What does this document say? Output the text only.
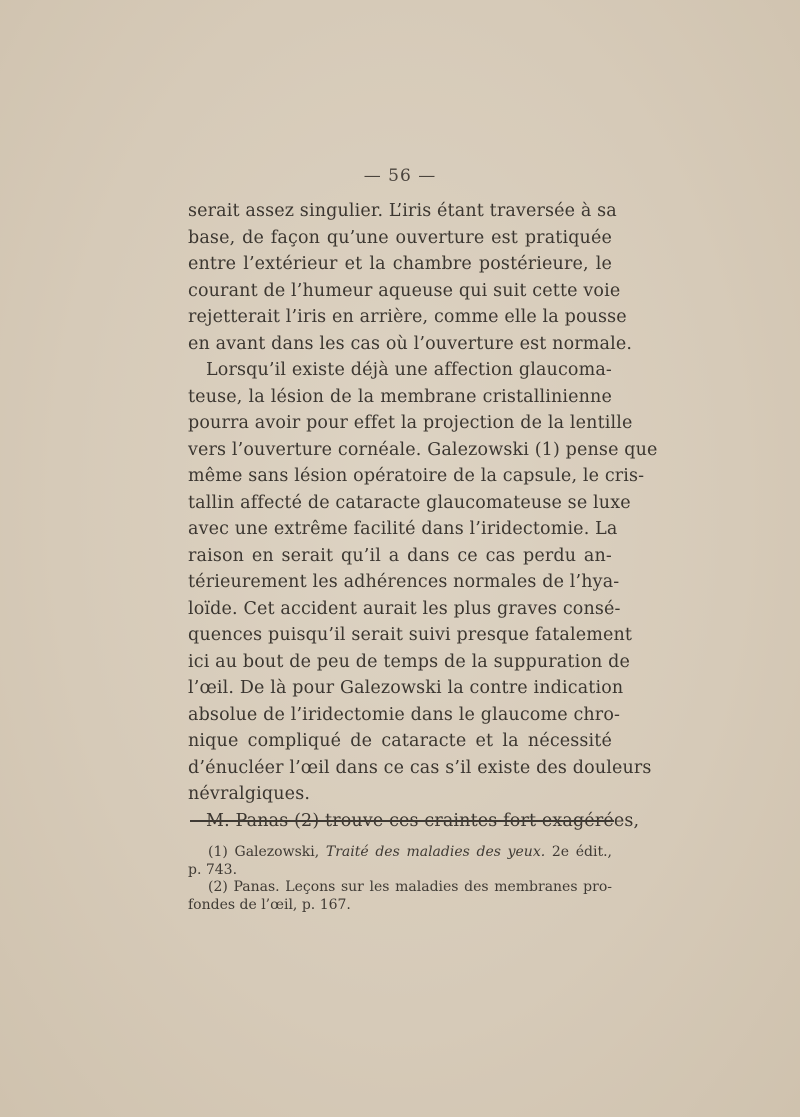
— 56 —
serait assez singulier. L’iris étant traversée à sa
base, de façon qu’une ouverture est pratiquée
entre l’extérieur et la chambre postérieure, le
courant de l’humeur aqueuse qui suit cette voie
rejetterait l’iris en arrière, comme elle la pousse
en avant dans les cas où l’ouverture est normale.
Lorsqu’il existe déjà une affection glaucoma-
teuse, la lésion de la membrane cristallinienne
pourra avoir pour effet la projection de la lentille
vers l’ouverture cornéale. Galezowski (1) pense que
même sans lésion opératoire de la capsule, le cris-
tallin affecté de cataracte glaucomateuse se luxe
avec une extrême facilité dans l’iridectomie. La
raison en serait qu’il a dans ce cas perdu an-
térieurement les adhérences normales de l’hya-
loïde. Cet accident aurait les plus graves consé-
quences puisqu’il serait suivi presque fatalement
ici au bout de peu de temps de la suppuration de
l’œil. De là pour Galezowski la contre indication
absolue de l’iridectomie dans le glaucome chro-
nique compliqué de cataracte et la nécessité
d’énucléer l’œil dans ce cas s’il existe des douleurs
névralgiques.
M. Panas (2) trouve ces craintes fort exagérées,
(1) Galezowski, Traité des maladies des yeux. 2e édit.,
p. 743.
(2) Panas. Leçons sur les maladies des membranes pro-
fondes de l’œil, p. 167.
